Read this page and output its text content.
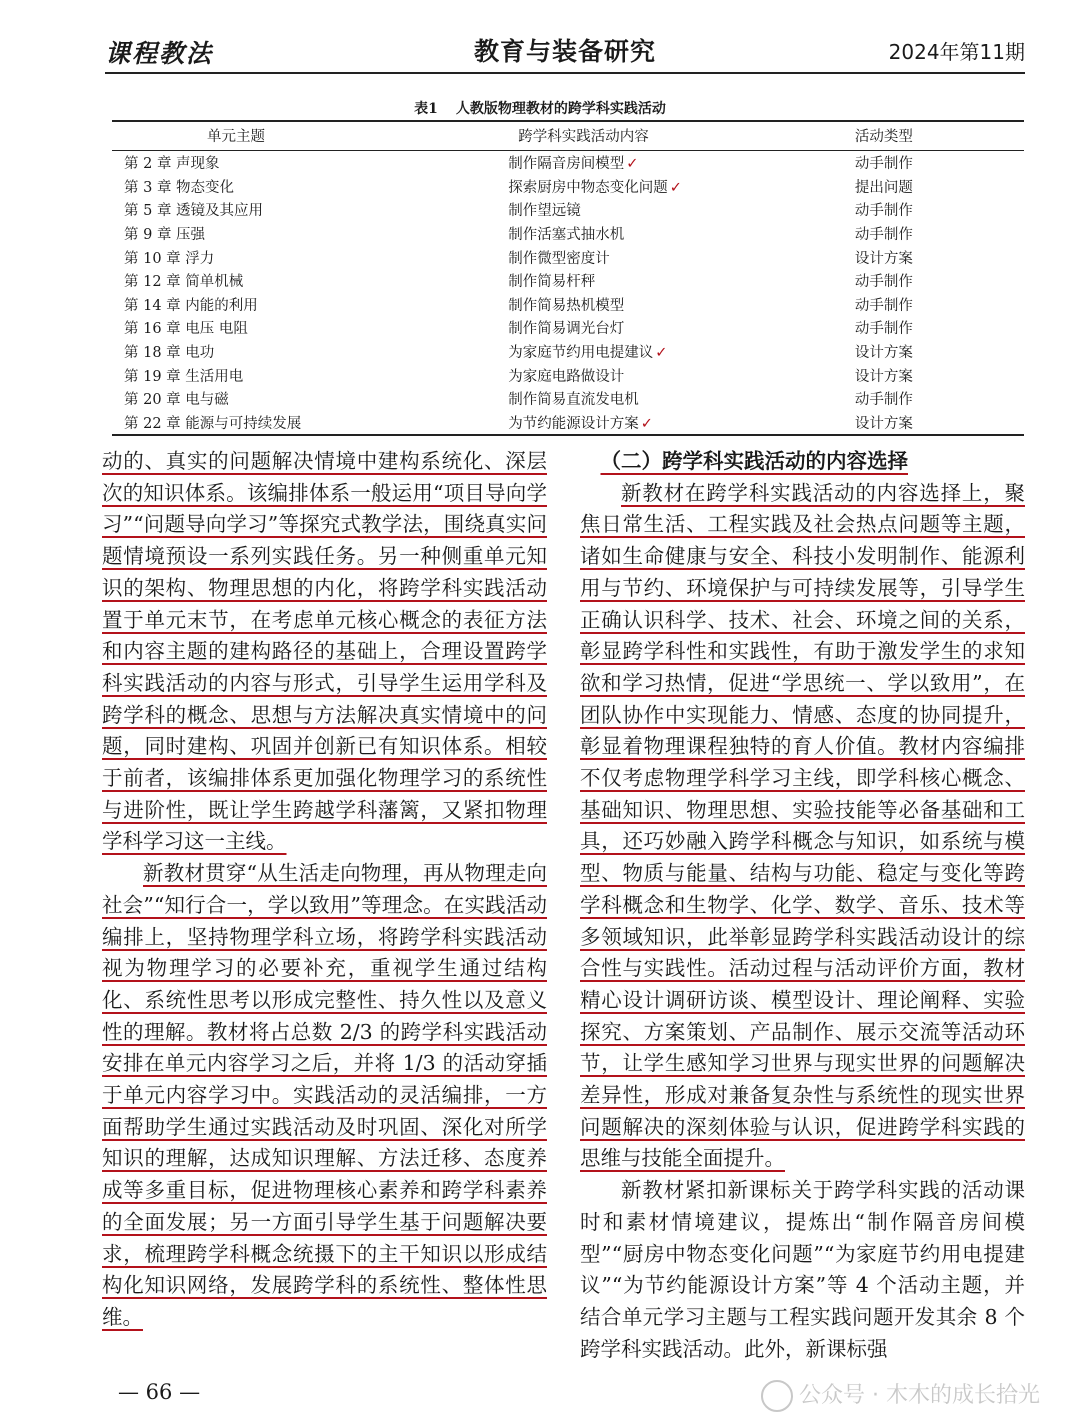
课程教法	教育与装备研究	2024年第11期
表1 人教版物理教材的跨学科实践活动
单元主题	跨学科实践活动内容	活动类型
第 2 章 声现象	制作隔音房间模型 ✓	动手制作
第 3 章 物态变化	探索厨房中物态变化问题 ✓	提出问题
第 5 章 透镜及其应用	制作望远镜	动手制作
第 9 章 压强	制作活塞式抽水机	动手制作
第 10 章 浮力	制作微型密度计	设计方案
第 12 章 简单机械	制作简易杆秤	动手制作
第 14 章 内能的利用	制作简易热机模型	动手制作
第 16 章 电压 电阻	制作简易调光台灯	动手制作
第 18 章 电功	为家庭节约用电提建议 ✓	设计方案
第 19 章 生活用电	为家庭电路做设计	设计方案
第 20 章 电与磁	制作简易直流发电机	动手制作
第 22 章 能源与可持续发展	为节约能源设计方案 ✓	设计方案

动的、真实的问题解决情境中建构系统化、深层次的知识体系。该编排体系一般运用“项目导向学习”“问题导向学习”等探究式教学法，围绕真实问题情境预设一系列实践任务。另一种侧重单元知识的架构、物理思想的内化，将跨学科实践活动置于单元末节，在考虑单元核心概念的表征方法和内容主题的建构路径的基础上，合理设置跨学科实践活动的内容与形式，引导学生运用学科及跨学科的概念、思想与方法解决真实情境中的问题，同时建构、巩固并创新已有知识体系。相较于前者，该编排体系更加强化物理学习的系统性与进阶性，既让学生跨越学科藩篱，又紧扣物理学科学习这一主线。

新教材贯穿“从生活走向物理，再从物理走向社会”“知行合一，学以致用”等理念。在实践活动编排上，坚持物理学科立场，将跨学科实践活动视为物理学习的必要补充，重视学生通过结构化、系统性思考以形成完整性、持久性以及意义性的理解。教材将占总数 2/3 的跨学科实践活动安排在单元内容学习之后，并将 1/3 的活动穿插于单元内容学习中。实践活动的灵活编排，一方面帮助学生通过实践活动及时巩固、深化对所学知识的理解，达成知识理解、方法迁移、态度养成等多重目标，促进物理核心素养和跨学科素养的全面发展；另一方面引导学生基于问题解决要求，梳理跨学科概念统摄下的主干知识以形成结构化知识网络，发展跨学科的系统性、整体性思维。

（二）跨学科实践活动的内容选择

新教材在跨学科实践活动的内容选择上，聚焦日常生活、工程实践及社会热点问题等主题，诸如生命健康与安全、科技小发明制作、能源利用与节约、环境保护与可持续发展等，引导学生正确认识科学、技术、社会、环境之间的关系，彰显跨学科性和实践性，有助于激发学生的求知欲和学习热情，促进“学思统一、学以致用”，在团队协作中实现能力、情感、态度的协同提升，彰显着物理课程独特的育人价值。教材内容编排不仅考虑物理学科学习主线，即学科核心概念、基础知识、物理思想、实验技能等必备基础和工具，还巧妙融入跨学科概念与知识，如系统与模型、物质与能量、结构与功能、稳定与变化等跨学科概念和生物学、化学、数学、音乐、技术等多领域知识，此举彰显跨学科实践活动设计的综合性与实践性。活动过程与活动评价方面，教材精心设计调研访谈、模型设计、理论阐释、实验探究、方案策划、产品制作、展示交流等活动环节，让学生感知学习世界与现实世界的问题解决差异性，形成对兼备复杂性与系统性的现实世界问题解决的深刻体验与认识，促进跨学科实践的思维与技能全面提升。

新教材紧扣新课标关于跨学科实践的活动课时和素材情境建议，提炼出“制作隔音房间模型”“厨房中物态变化问题”“为家庭节约用电提建议”“为节约能源设计方案”等 4 个活动主题，并结合单元学习主题与工程实践问题开发其余 8 个跨学科实践活动。此外，新课标强

— 66 —	公众号 · 木木的成长拾光
